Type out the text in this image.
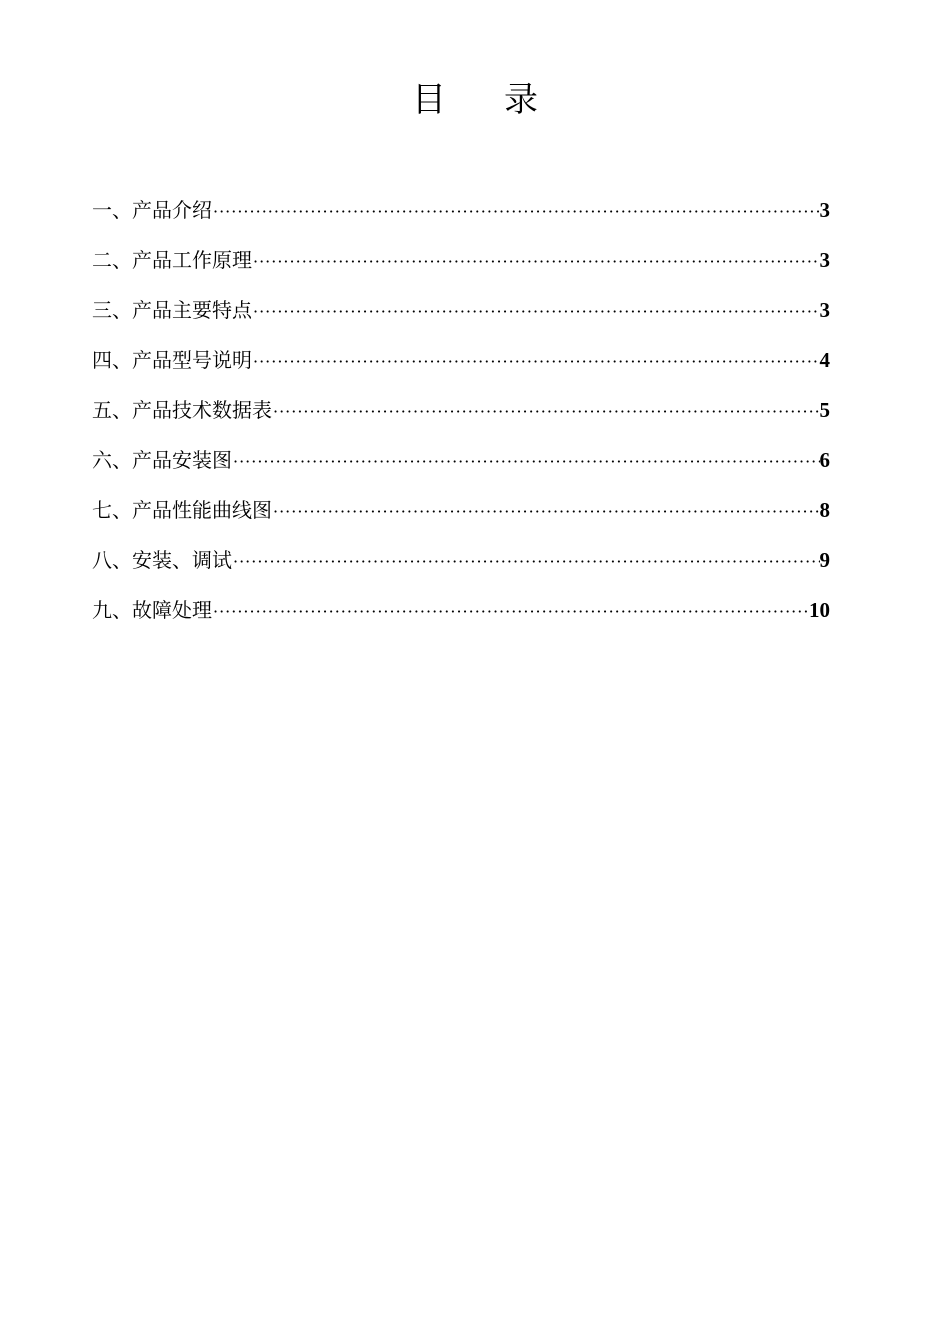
目 录
一、产品介绍 ·····	3
二、产品工作原理 ·····	3
三、产品主要特点 ·····	3
四、产品型号说明 ·····	4
五、产品技术数据表 ·····	5
六、产品安装图 ·····	6
七、产品性能曲线图 ·····	8
八、安装、调试 ·····	9
九、故障处理 ·····	10
